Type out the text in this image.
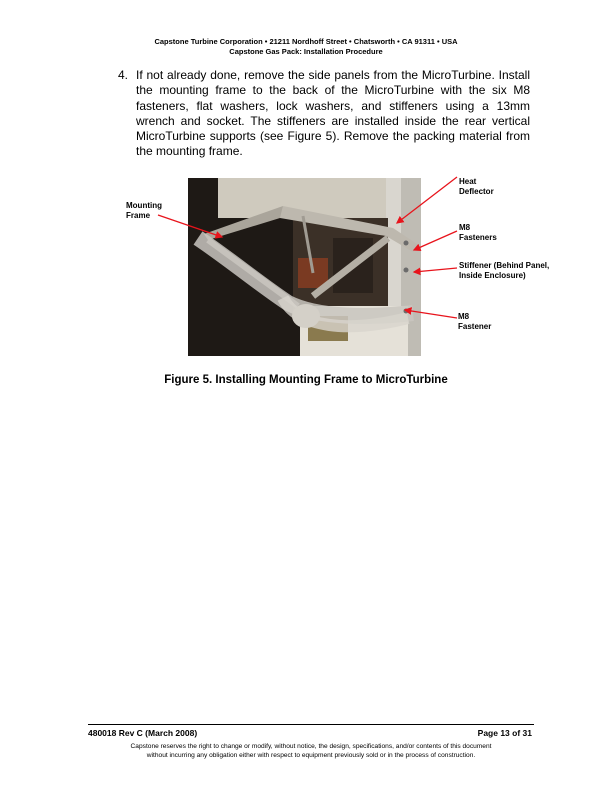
Capstone Turbine Corporation • 21211 Nordhoff Street • Chatsworth • CA 91311 • USA
Capstone Gas Pack: Installation Procedure
4. If not already done, remove the side panels from the MicroTurbine. Install the mounting frame to the back of the MicroTurbine with the six M8 fasteners, flat washers, lock washers, and stiffeners using a 13mm wrench and socket. The stiffeners are installed inside the rear vertical MicroTurbine supports (see Figure 5). Remove the packing material from the mounting frame.
Mounting
Frame
Heat
Deflector
M8
Fasteners
Stiffener (Behind Panel,
Inside Enclosure)
M8
Fastener
Figure 5. Installing Mounting Frame to MicroTurbine
480018 Rev C (March 2008)	Page 13 of 31
Capstone reserves the right to change or modify, without notice, the design, specifications, and/or contents of this document
without incurring any obligation either with respect to equipment previously sold or in the process of construction.
